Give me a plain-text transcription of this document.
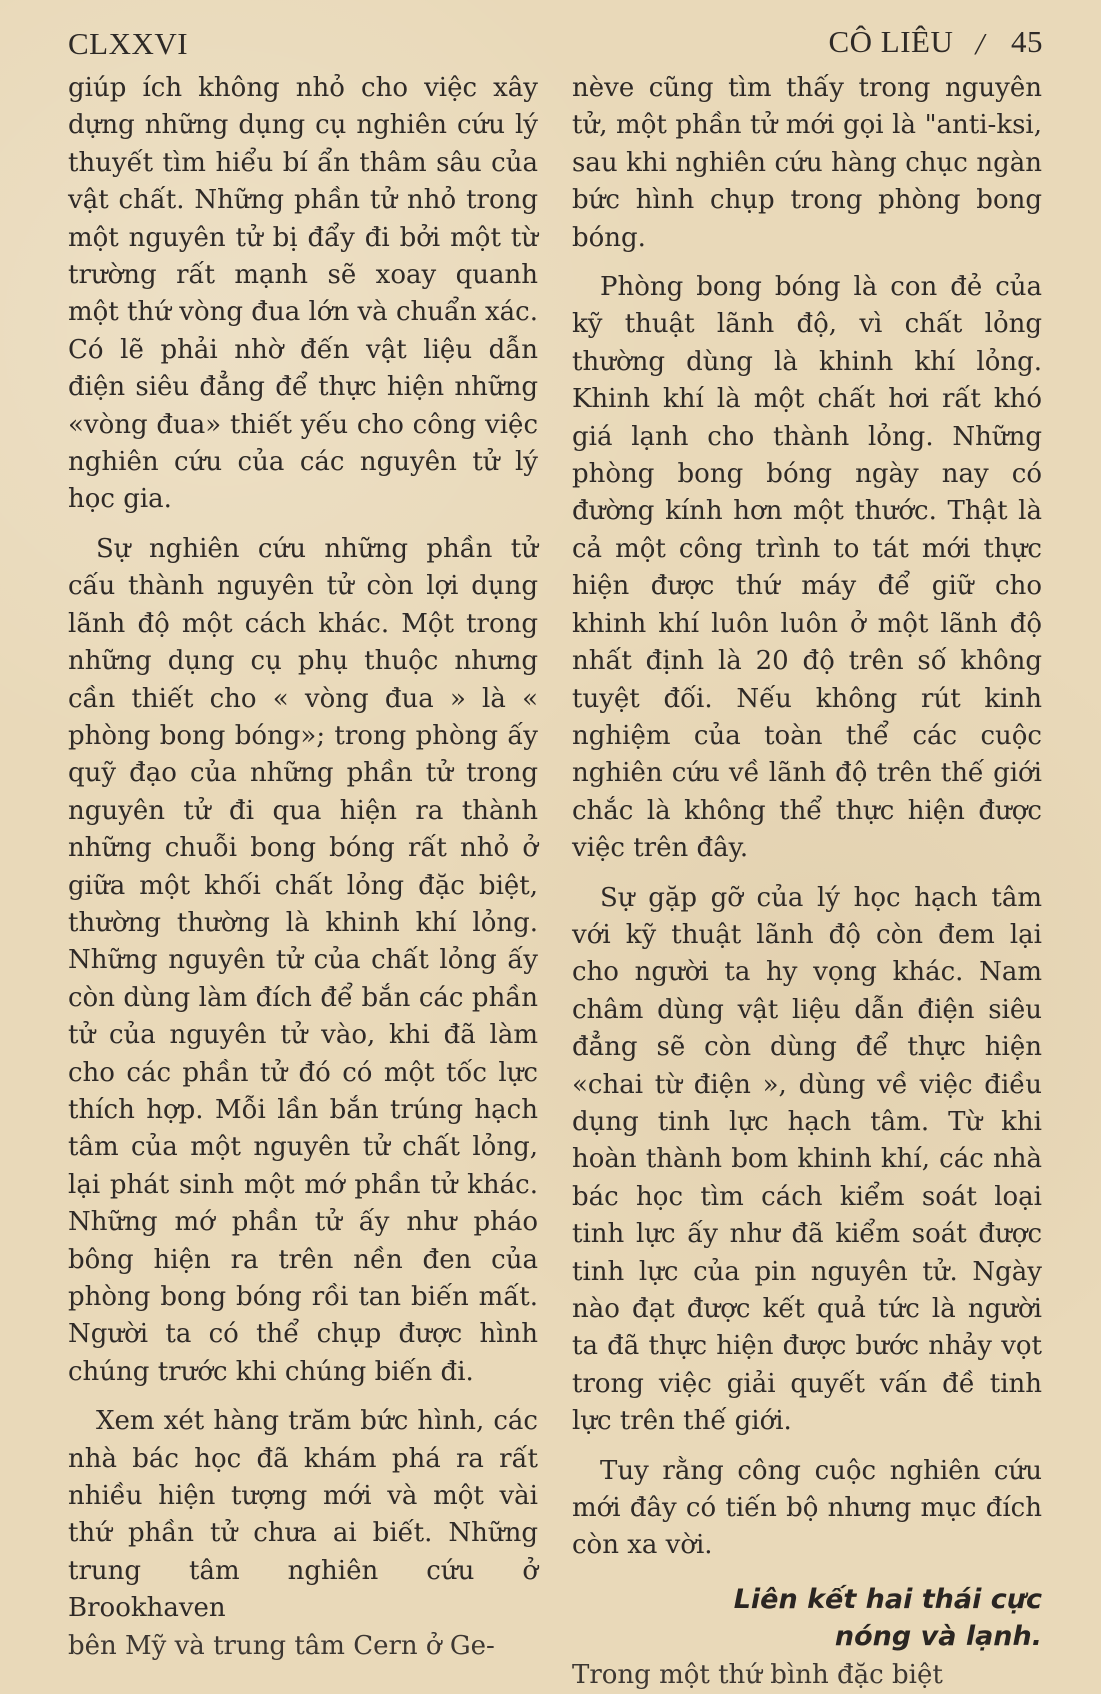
CLXXVI	CÔ LIÊU / 45

giúp ích không nhỏ cho việc xây dựng những dụng cụ nghiên cứu lý thuyết tìm hiểu bí ẩn thâm sâu của vật chất. Những phần tử nhỏ trong một nguyên tử bị đẩy đi bởi một từ trường rất mạnh sẽ xoay quanh một thứ vòng đua lớn và chuẩn xác. Có lẽ phải nhờ đến vật liệu dẫn điện siêu đẳng để thực hiện những «vòng đua» thiết yếu cho công việc nghiên cứu của các nguyên tử lý học gia.

Sự nghiên cứu những phần tử cấu thành nguyên tử còn lợi dụng lãnh độ một cách khác. Một trong những dụng cụ phụ thuộc nhưng cần thiết cho « vòng đua » là « phòng bong bóng»; trong phòng ấy quỹ đạo của những phần tử trong nguyên tử đi qua hiện ra thành những chuỗi bong bóng rất nhỏ ở giữa một khối chất lỏng đặc biệt, thường thường là khinh khí lỏng. Những nguyên tử của chất lỏng ấy còn dùng làm đích để bắn các phần tử của nguyên tử vào, khi đã làm cho các phần tử đó có một tốc lực thích hợp. Mỗi lần bắn trúng hạch tâm của một nguyên tử chất lỏng, lại phát sinh một mớ phần tử khác. Những mớ phần tử ấy như pháo bông hiện ra trên nền đen của phòng bong bóng rồi tan biến mất. Người ta có thể chụp được hình chúng trước khi chúng biến đi.

Xem xét hàng trăm bức hình, các nhà bác học đã khám phá ra rất nhiều hiện tượng mới và một vài thứ phần tử chưa ai biết. Những trung tâm nghiên cứu ở Brookhaven

bên Mỹ và trung tâm Cern ở Ge-

nève cũng tìm thấy trong nguyên tử, một phần tử mới gọi là "anti-ksi, sau khi nghiên cứu hàng chục ngàn bức hình chụp trong phòng bong bóng.

Phòng bong bóng là con đẻ của kỹ thuật lãnh độ, vì chất lỏng thường dùng là khinh khí lỏng. Khinh khí là một chất hơi rất khó giá lạnh cho thành lỏng. Những phòng bong bóng ngày nay có đường kính hơn một thước. Thật là cả một công trình to tát mới thực hiện được thứ máy để giữ cho khinh khí luôn luôn ở một lãnh độ nhất định là 20 độ trên số không tuyệt đối. Nếu không rút kinh nghiệm của toàn thể các cuộc nghiên cứu về lãnh độ trên thế giới chắc là không thể thực hiện được việc trên đây.

Sự gặp gỡ của lý học hạch tâm với kỹ thuật lãnh độ còn đem lại cho người ta hy vọng khác. Nam châm dùng vật liệu dẫn điện siêu đẳng sẽ còn dùng để thực hiện «chai từ điện », dùng về việc điều dụng tinh lực hạch tâm. Từ khi hoàn thành bom khinh khí, các nhà bác học tìm cách kiểm soát loại tinh lực ấy như đã kiểm soát được tinh lực của pin nguyên tử. Ngày nào đạt được kết quả tức là người ta đã thực hiện được bước nhảy vọt trong việc giải quyết vấn đề tinh lực trên thế giới.

Tuy rằng công cuộc nghiên cứu mới đây có tiến bộ nhưng mục đích còn xa vời.

Liên kết hai thái cực
nóng và lạnh.
Trong một thứ bình đặc biệt
